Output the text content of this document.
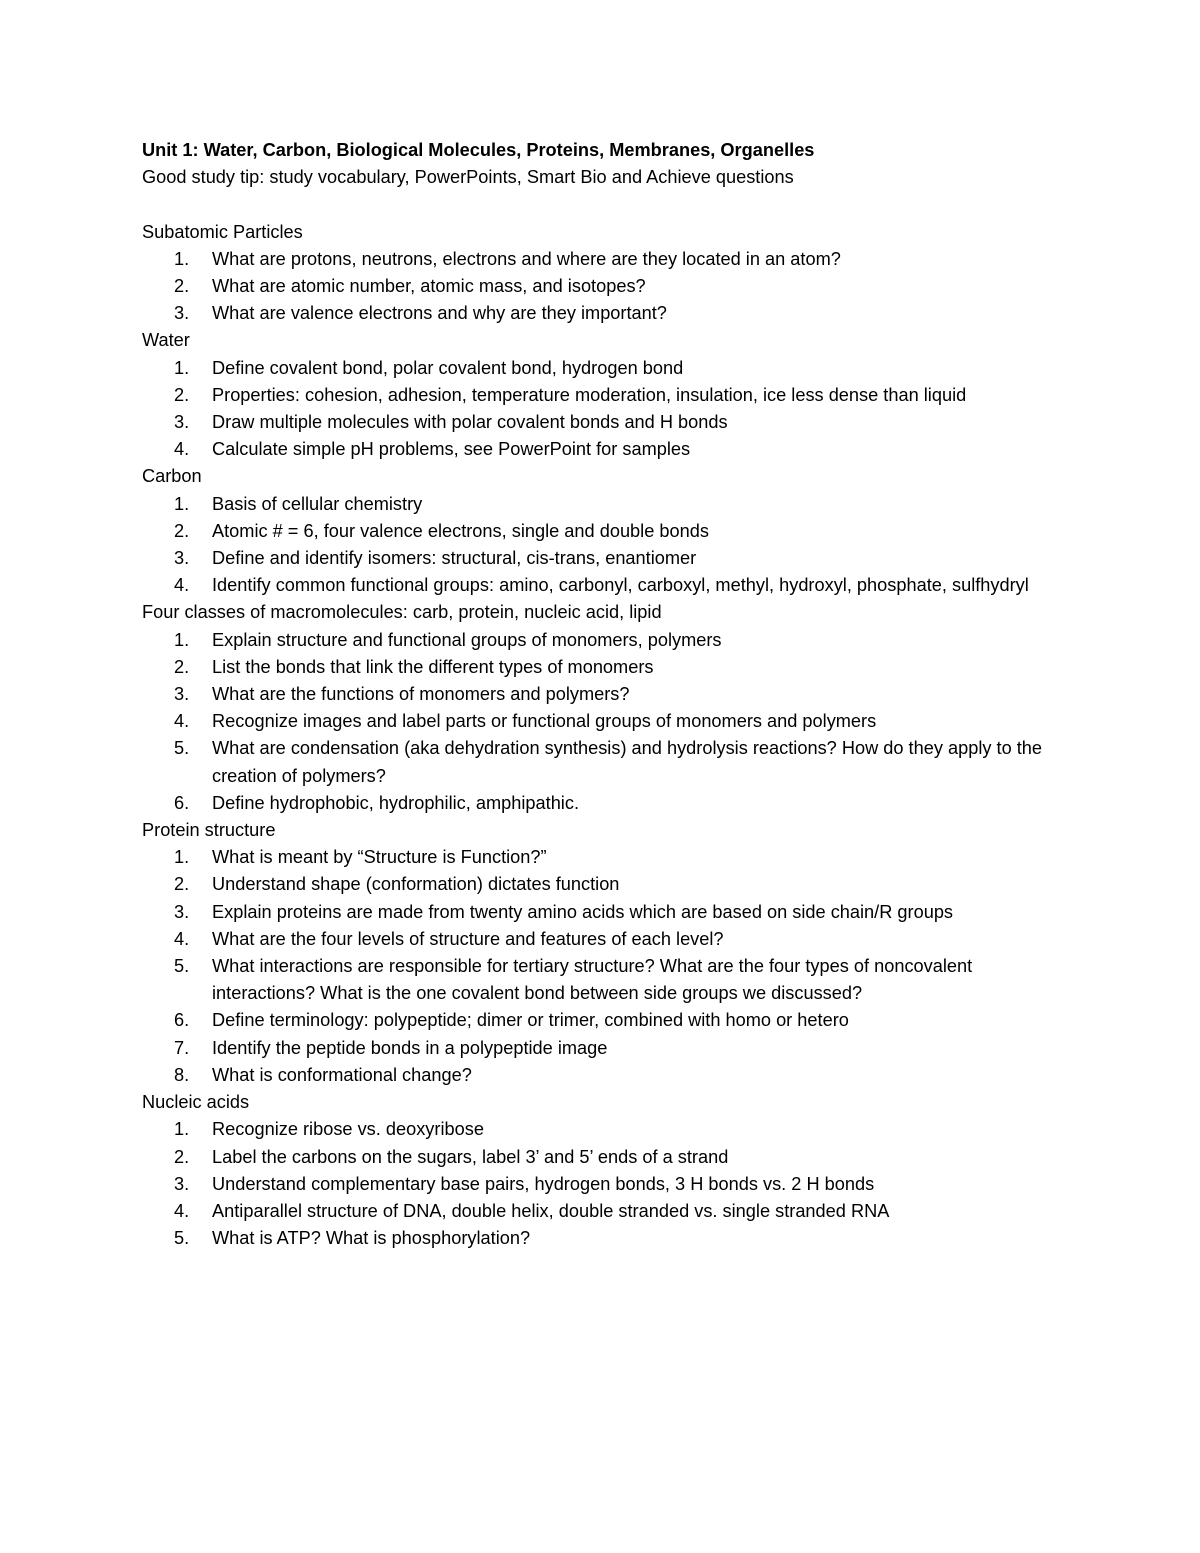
Unit 1: Water, Carbon, Biological Molecules, Proteins, Membranes, Organelles

Good study tip: study vocabulary, PowerPoints, Smart Bio and Achieve questions

Subatomic Particles

1.	What are protons, neutrons, electrons and where are they located in an atom?
2.	What are atomic number, atomic mass, and isotopes?
3.	What are valence electrons and why are they important?

Water

1.	Define covalent bond, polar covalent bond, hydrogen bond
2.	Properties: cohesion, adhesion, temperature moderation, insulation, ice less dense than liquid
3.	Draw multiple molecules with polar covalent bonds and H bonds
4.	Calculate simple pH problems, see PowerPoint for samples

Carbon

1.	Basis of cellular chemistry
2.	Atomic # = 6, four valence electrons, single and double bonds
3.	Define and identify isomers: structural, cis-trans, enantiomer
4.	Identify common functional groups: amino, carbonyl, carboxyl, methyl, hydroxyl, phosphate, sulfhydryl

Four classes of macromolecules: carb, protein, nucleic acid, lipid

1.	Explain structure and functional groups of monomers, polymers
2.	List the bonds that link the different types of monomers
3.	What are the functions of monomers and polymers?
4.	Recognize images and label parts or functional groups of monomers and polymers
5.	What are condensation (aka dehydration synthesis) and hydrolysis reactions? How do they apply to the creation of polymers?
6.	Define hydrophobic, hydrophilic, amphipathic.

Protein structure

1.	What is meant by “Structure is Function?”
2.	Understand shape (conformation) dictates function
3.	Explain proteins are made from twenty amino acids which are based on side chain/R groups
4.	What are the four levels of structure and features of each level?
5.	What interactions are responsible for tertiary structure? What are the four types of noncovalent interactions? What is the one covalent bond between side groups we discussed?
6.	Define terminology: polypeptide; dimer or trimer, combined with homo or hetero
7.	Identify the peptide bonds in a polypeptide image
8.	What is conformational change?

Nucleic acids

1.	Recognize ribose vs. deoxyribose
2.	Label the carbons on the sugars, label 3’ and 5’ ends of a strand
3.	Understand complementary base pairs, hydrogen bonds, 3 H bonds vs. 2 H bonds
4.	Antiparallel structure of DNA, double helix, double stranded vs. single stranded RNA
5.	What is ATP? What is phosphorylation?
